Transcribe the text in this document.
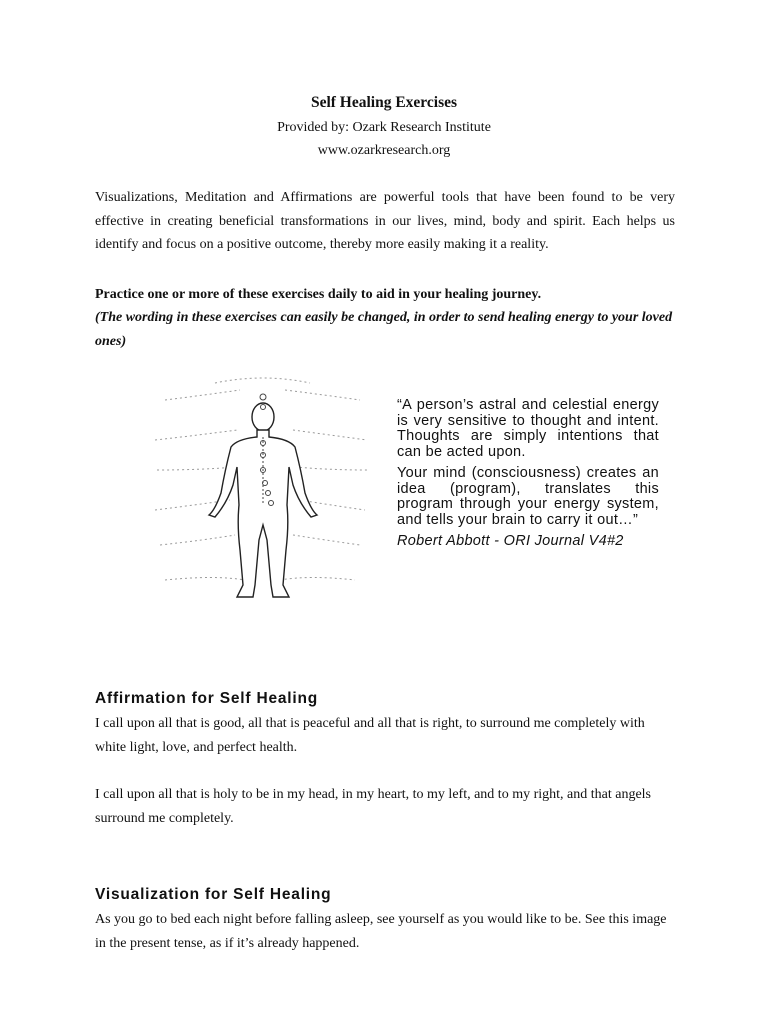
Self Healing Exercises
Provided by: Ozark Research Institute
www.ozarkresearch.org
Visualizations, Meditation and Affirmations are powerful tools that have been found to be very effective in creating beneficial transformations in our lives, mind, body and spirit. Each helps us identify and focus on a positive outcome, thereby more easily making it a reality.
Practice one or more of these exercises daily to aid in your healing journey.
(The wording in these exercises can easily be changed, in order to send healing energy to your loved ones)

“A person’s astral and celestial energy is very sensitive to thought and intent. Thoughts are simply intentions that can be acted upon.

Your mind (consciousness) creates an idea (program), translates this program through your energy system, and tells your brain to carry it out…”

Robert Abbott - ORI Journal V4#2

Affirmation for Self Healing
I call upon all that is good, all that is peaceful and all that is right, to surround me completely with white light, love, and perfect health.
I call upon all that is holy to be in my head, in my heart, to my left, and to my right, and that angels surround me completely.
Visualization for Self Healing
As you go to bed each night before falling asleep, see yourself as you would like to be. See this image in the present tense, as if it’s already happened.
